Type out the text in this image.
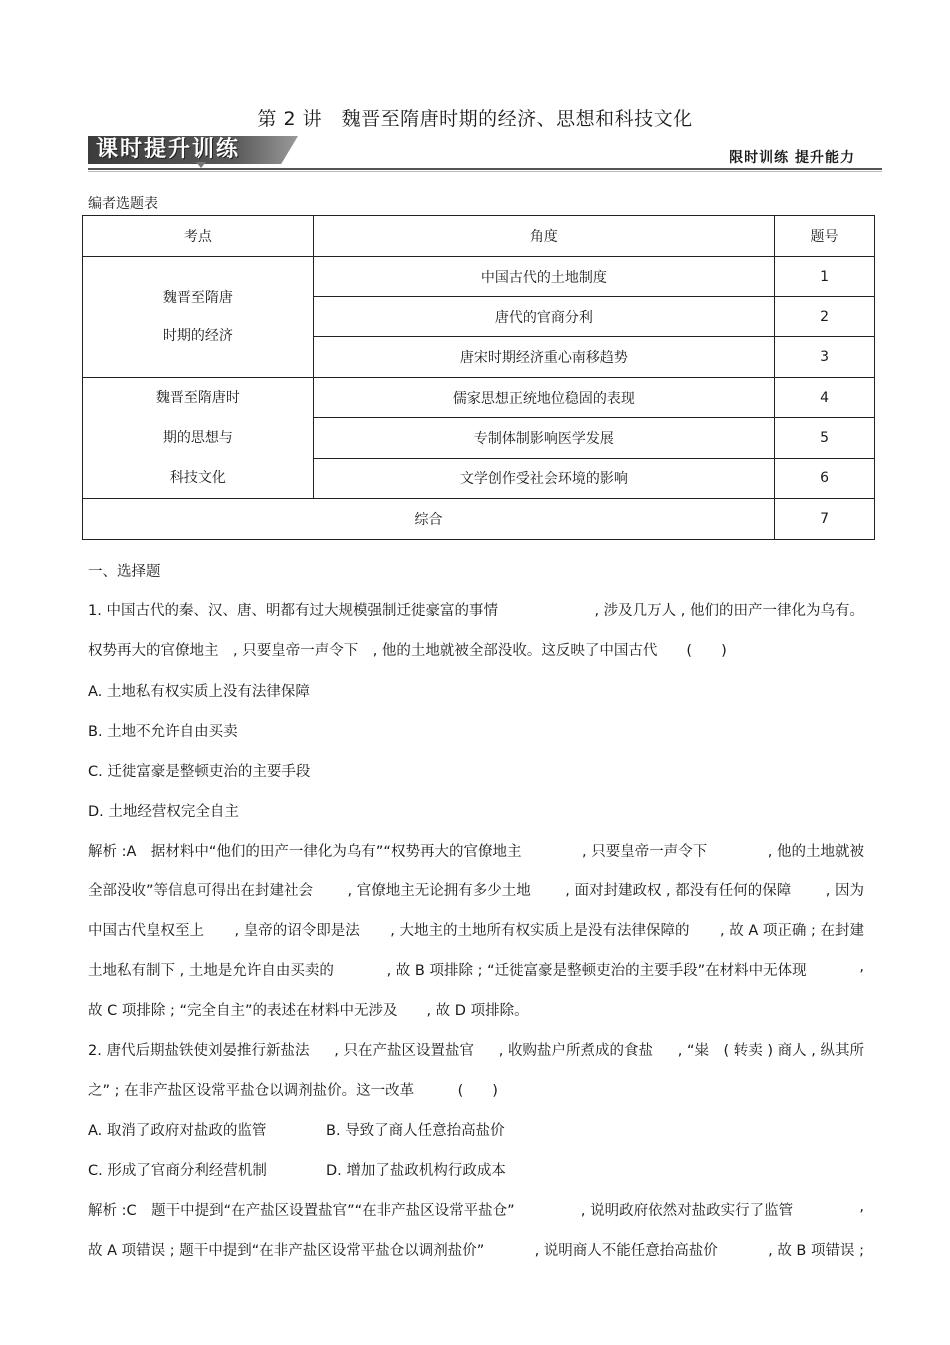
第 2 讲　魏晋至隋唐时期的经济、思想和科技文化
课时提升训练	限时训练 提升能力
编者选题表
考点	角度	题号

魏晋至隋唐
时期的经济	中国古代的土地制度	1
	唐代的官商分利	2
	唐宋时期经济重心南移趋势	3

魏晋至隋唐时
期的思想与
科技文化	儒家思想正统地位稳固的表现	4
	专制体制影响医学发展	5
	文学创作受社会环境的影响	6
综合		7
一、选择题
1. 中国古代的秦、汉、唐、明都有过大规模强制迁徙豪富的事情	, 涉及几万人 , 他们的田产一律化为乌有。
权势再大的官僚地主　, 只要皇帝一声令下　, 他的土地就被全部没收。这反映了中国古代　　(　　)
A. 土地私有权实质上没有法律保障
B. 土地不允许自由买卖
C. 迁徙富豪是整顿吏治的主要手段
D. 土地经营权完全自主
解析 :A　据材料中“他们的田产一律化为乌有”“权势再大的官僚地主	, 只要皇帝一声令下	, 他的土地就被
全部没收”等信息可得出在封建社会 , 官僚地主无论拥有多少土地 , 面对封建政权 , 都没有任何的保障 , 因为
中国古代皇权至上 , 皇帝的诏令即是法 , 大地主的土地所有权实质上是没有法律保障的 , 故 A 项正确 ; 在封建
土地私有制下 , 土地是允许自由买卖的	, 故 B 项排除 ; “迁徙富豪是整顿吏治的主要手段”在材料中无体现	,
故 C 项排除 ; “完全自主”的表述在材料中无涉及　　, 故 D 项排除。
2. 唐代后期盐铁使刘晏推行新盐法 , 只在产盐区设置盐官 , 收购盐户所煮成的食盐 , “粜　( 转卖 ) 商人 , 纵其所
之” ; 在非产盐区设常平盐仓以调剂盐价。这一改革　　　(　　)
A. 取消了政府对盐政的监管	B. 导致了商人任意抬高盐价
C. 形成了官商分利经营机制	D. 增加了盐政机构行政成本
解析 :C　题干中提到“在产盐区设置盐官”“在非产盐区设常平盐仓”	, 说明政府依然对盐政实行了监管	,
故 A 项错误 ; 题干中提到“在非产盐区设常平盐仓以调剂盐价”	, 说明商人不能任意抬高盐价	, 故 B 项错误 ;
